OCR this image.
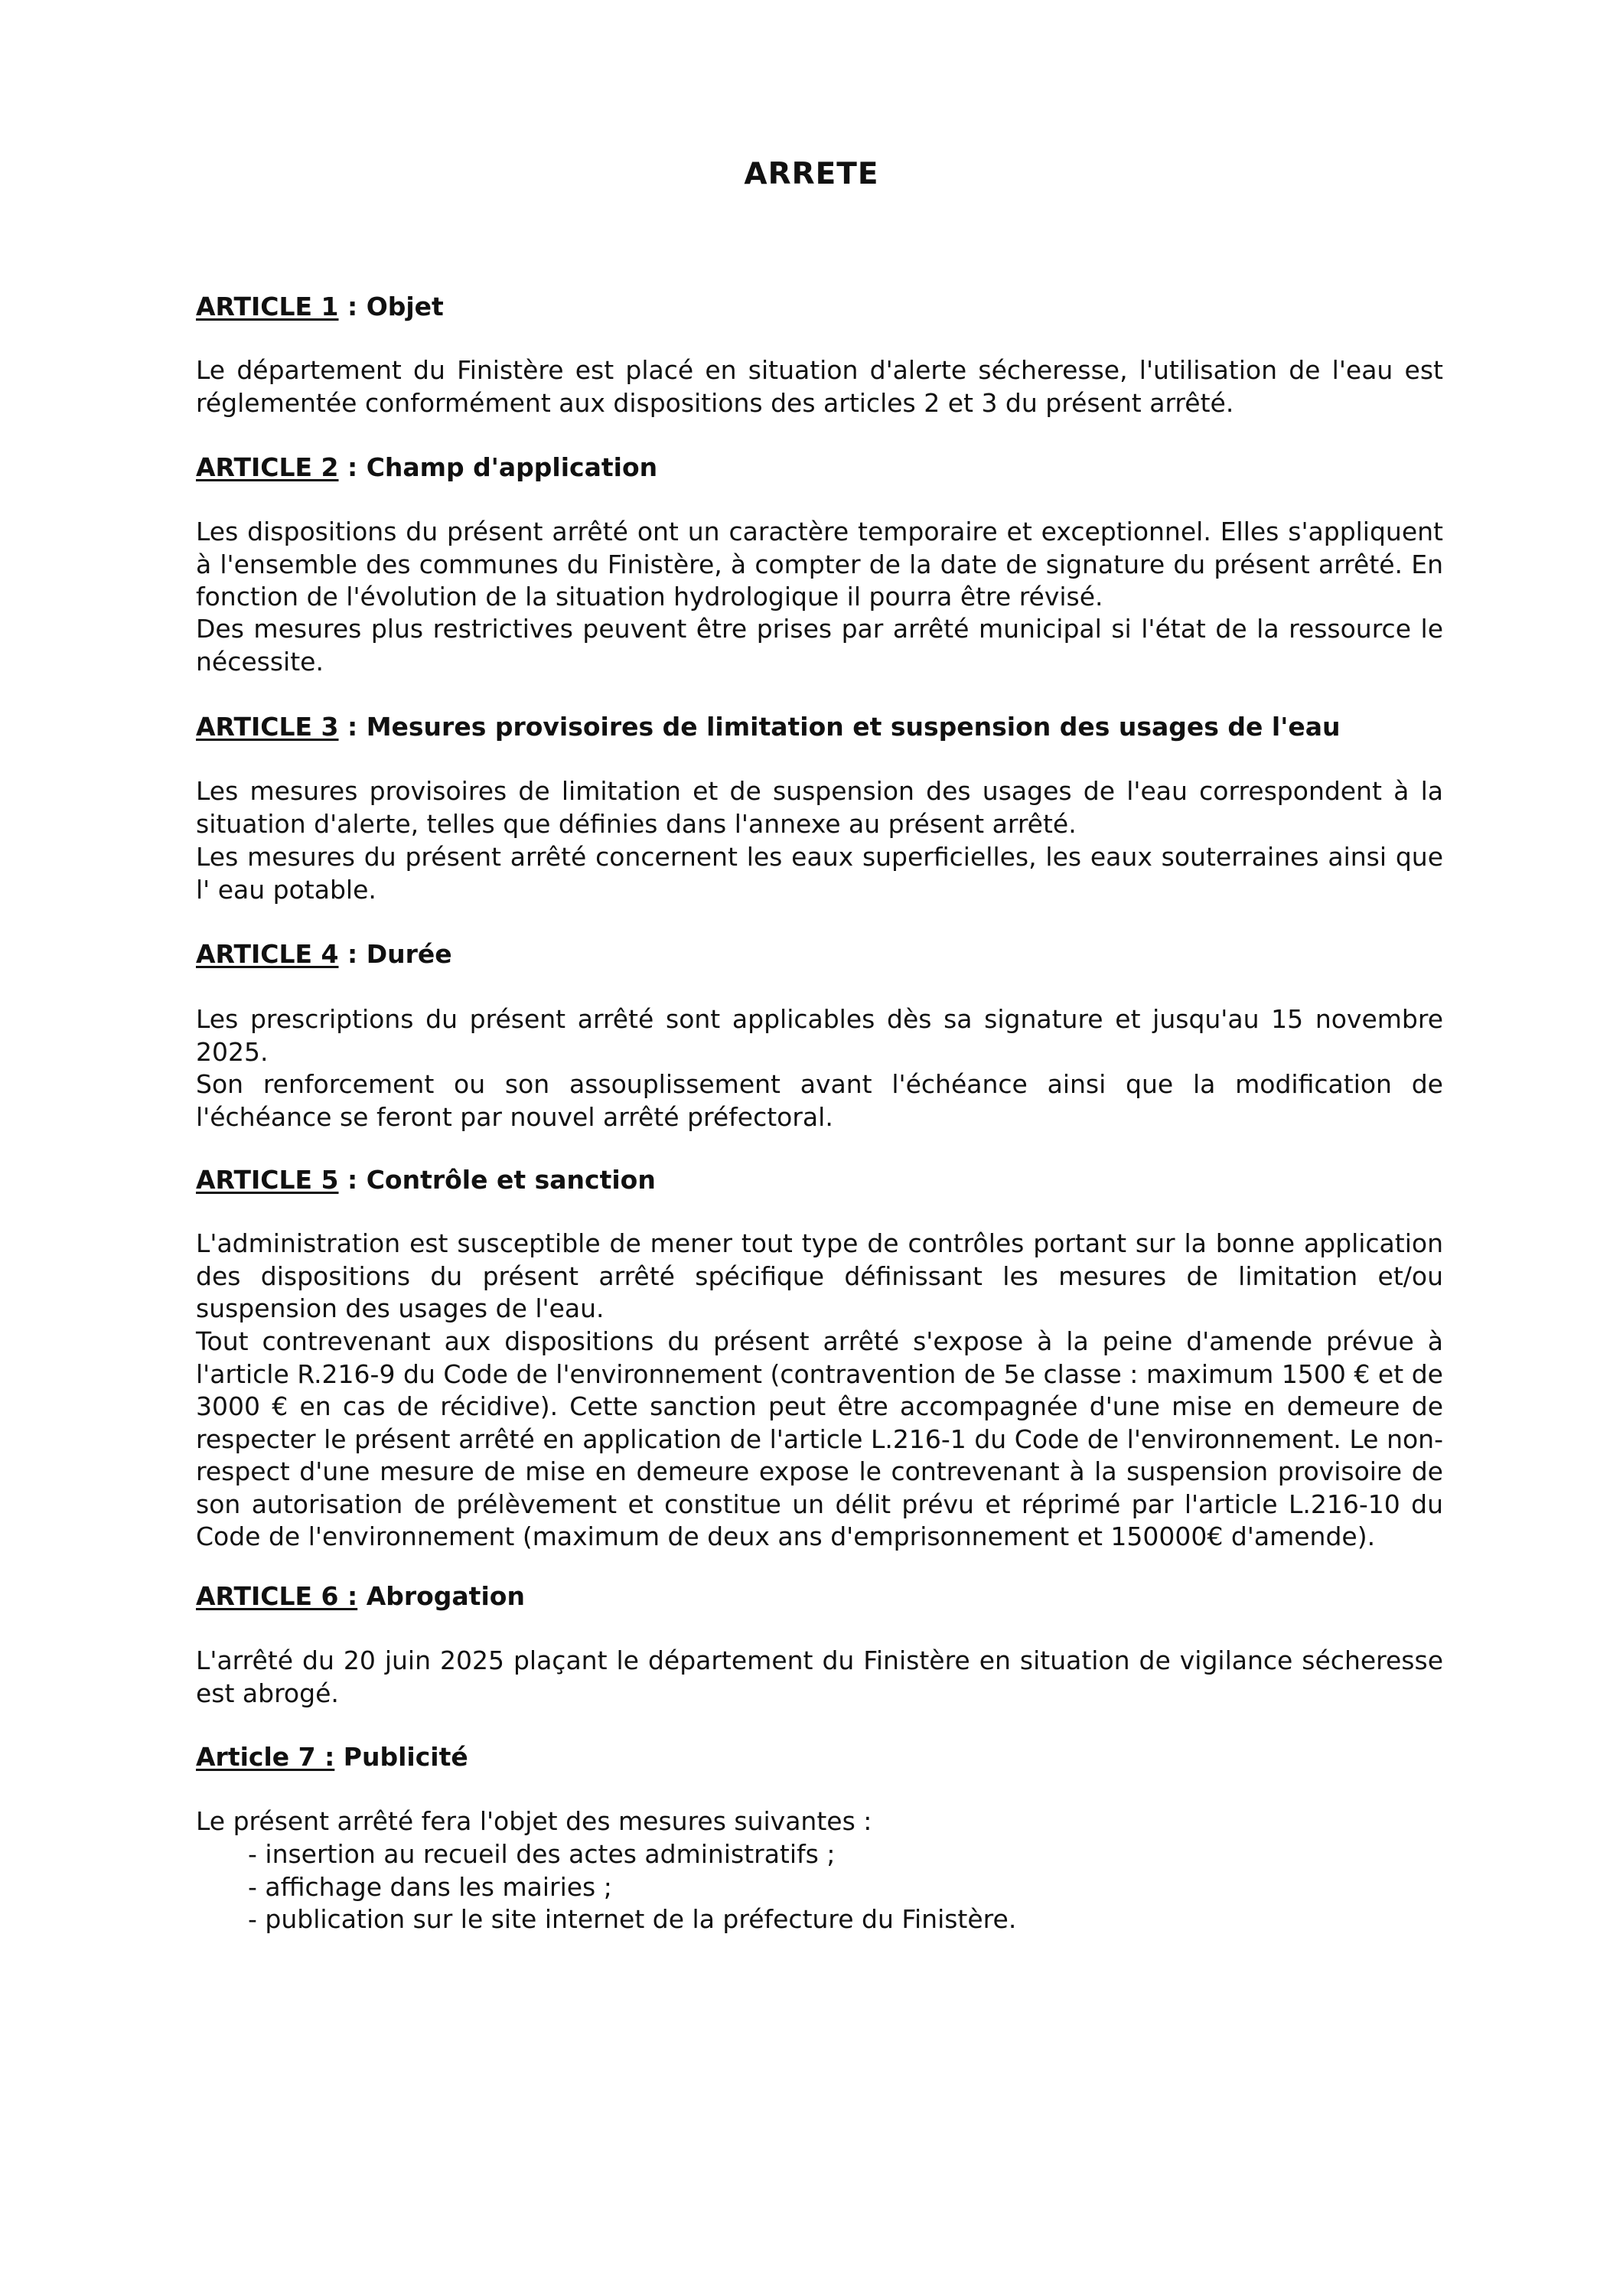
ARRETE
ARTICLE 1 : Objet
Le département du Finistère est placé en situation d'alerte sécheresse, l'utilisation de l'eau est réglementée conformément aux dispositions des articles 2 et 3 du présent arrêté.
ARTICLE 2 : Champ d'application
Les dispositions du présent arrêté ont un caractère temporaire et exceptionnel. Elles s'appliquent à l'ensemble des communes du Finistère, à compter de la date de signature du présent arrêté. En fonction de l'évolution de la situation hydrologique il pourra être révisé.
Des mesures plus restrictives peuvent être prises par arrêté municipal si l'état de la ressource le nécessite.
ARTICLE 3 : Mesures provisoires de limitation et suspension des usages de l'eau
Les mesures provisoires de limitation et de suspension des usages de l'eau correspondent à la situation d'alerte, telles que définies dans l'annexe au présent arrêté.
Les mesures du présent arrêté concernent les eaux superficielles, les eaux souterraines ainsi que l' eau potable.
ARTICLE 4 : Durée
Les prescriptions du présent arrêté sont applicables dès sa signature et jusqu'au 15 novembre 2025.
Son renforcement ou son assouplissement avant l'échéance ainsi que la modification de l'échéance se feront par nouvel arrêté préfectoral.
ARTICLE 5 : Contrôle et sanction
L'administration est susceptible de mener tout type de contrôles portant sur la bonne application des dispositions du présent arrêté spécifique définissant les mesures de limitation et/ou suspension des usages de l'eau.
Tout contrevenant aux dispositions du présent arrêté s'expose à la peine d'amende prévue à l'article R.216-9 du Code de l'environnement (contravention de 5e classe : maximum 1500 € et de 3000 € en cas de récidive). Cette sanction peut être accompagnée d'une mise en demeure de respecter le présent arrêté en application de l'article L.216-1 du Code de l'environnement. Le non-respect d'une mesure de mise en demeure expose le contrevenant à la suspension provisoire de son autorisation de prélèvement et constitue un délit prévu et réprimé par l'article L.216-10 du Code de l'environnement (maximum de deux ans d'emprisonnement et 150000€ d'amende).
ARTICLE 6 : Abrogation
L'arrêté du 20 juin 2025 plaçant le département du Finistère en situation de vigilance sécheresse est abrogé.
Article 7 : Publicité
Le présent arrêté fera l'objet des mesures suivantes :
- insertion au recueil des actes administratifs ;
- affichage dans les mairies ;
- publication sur le site internet de la préfecture du Finistère.
